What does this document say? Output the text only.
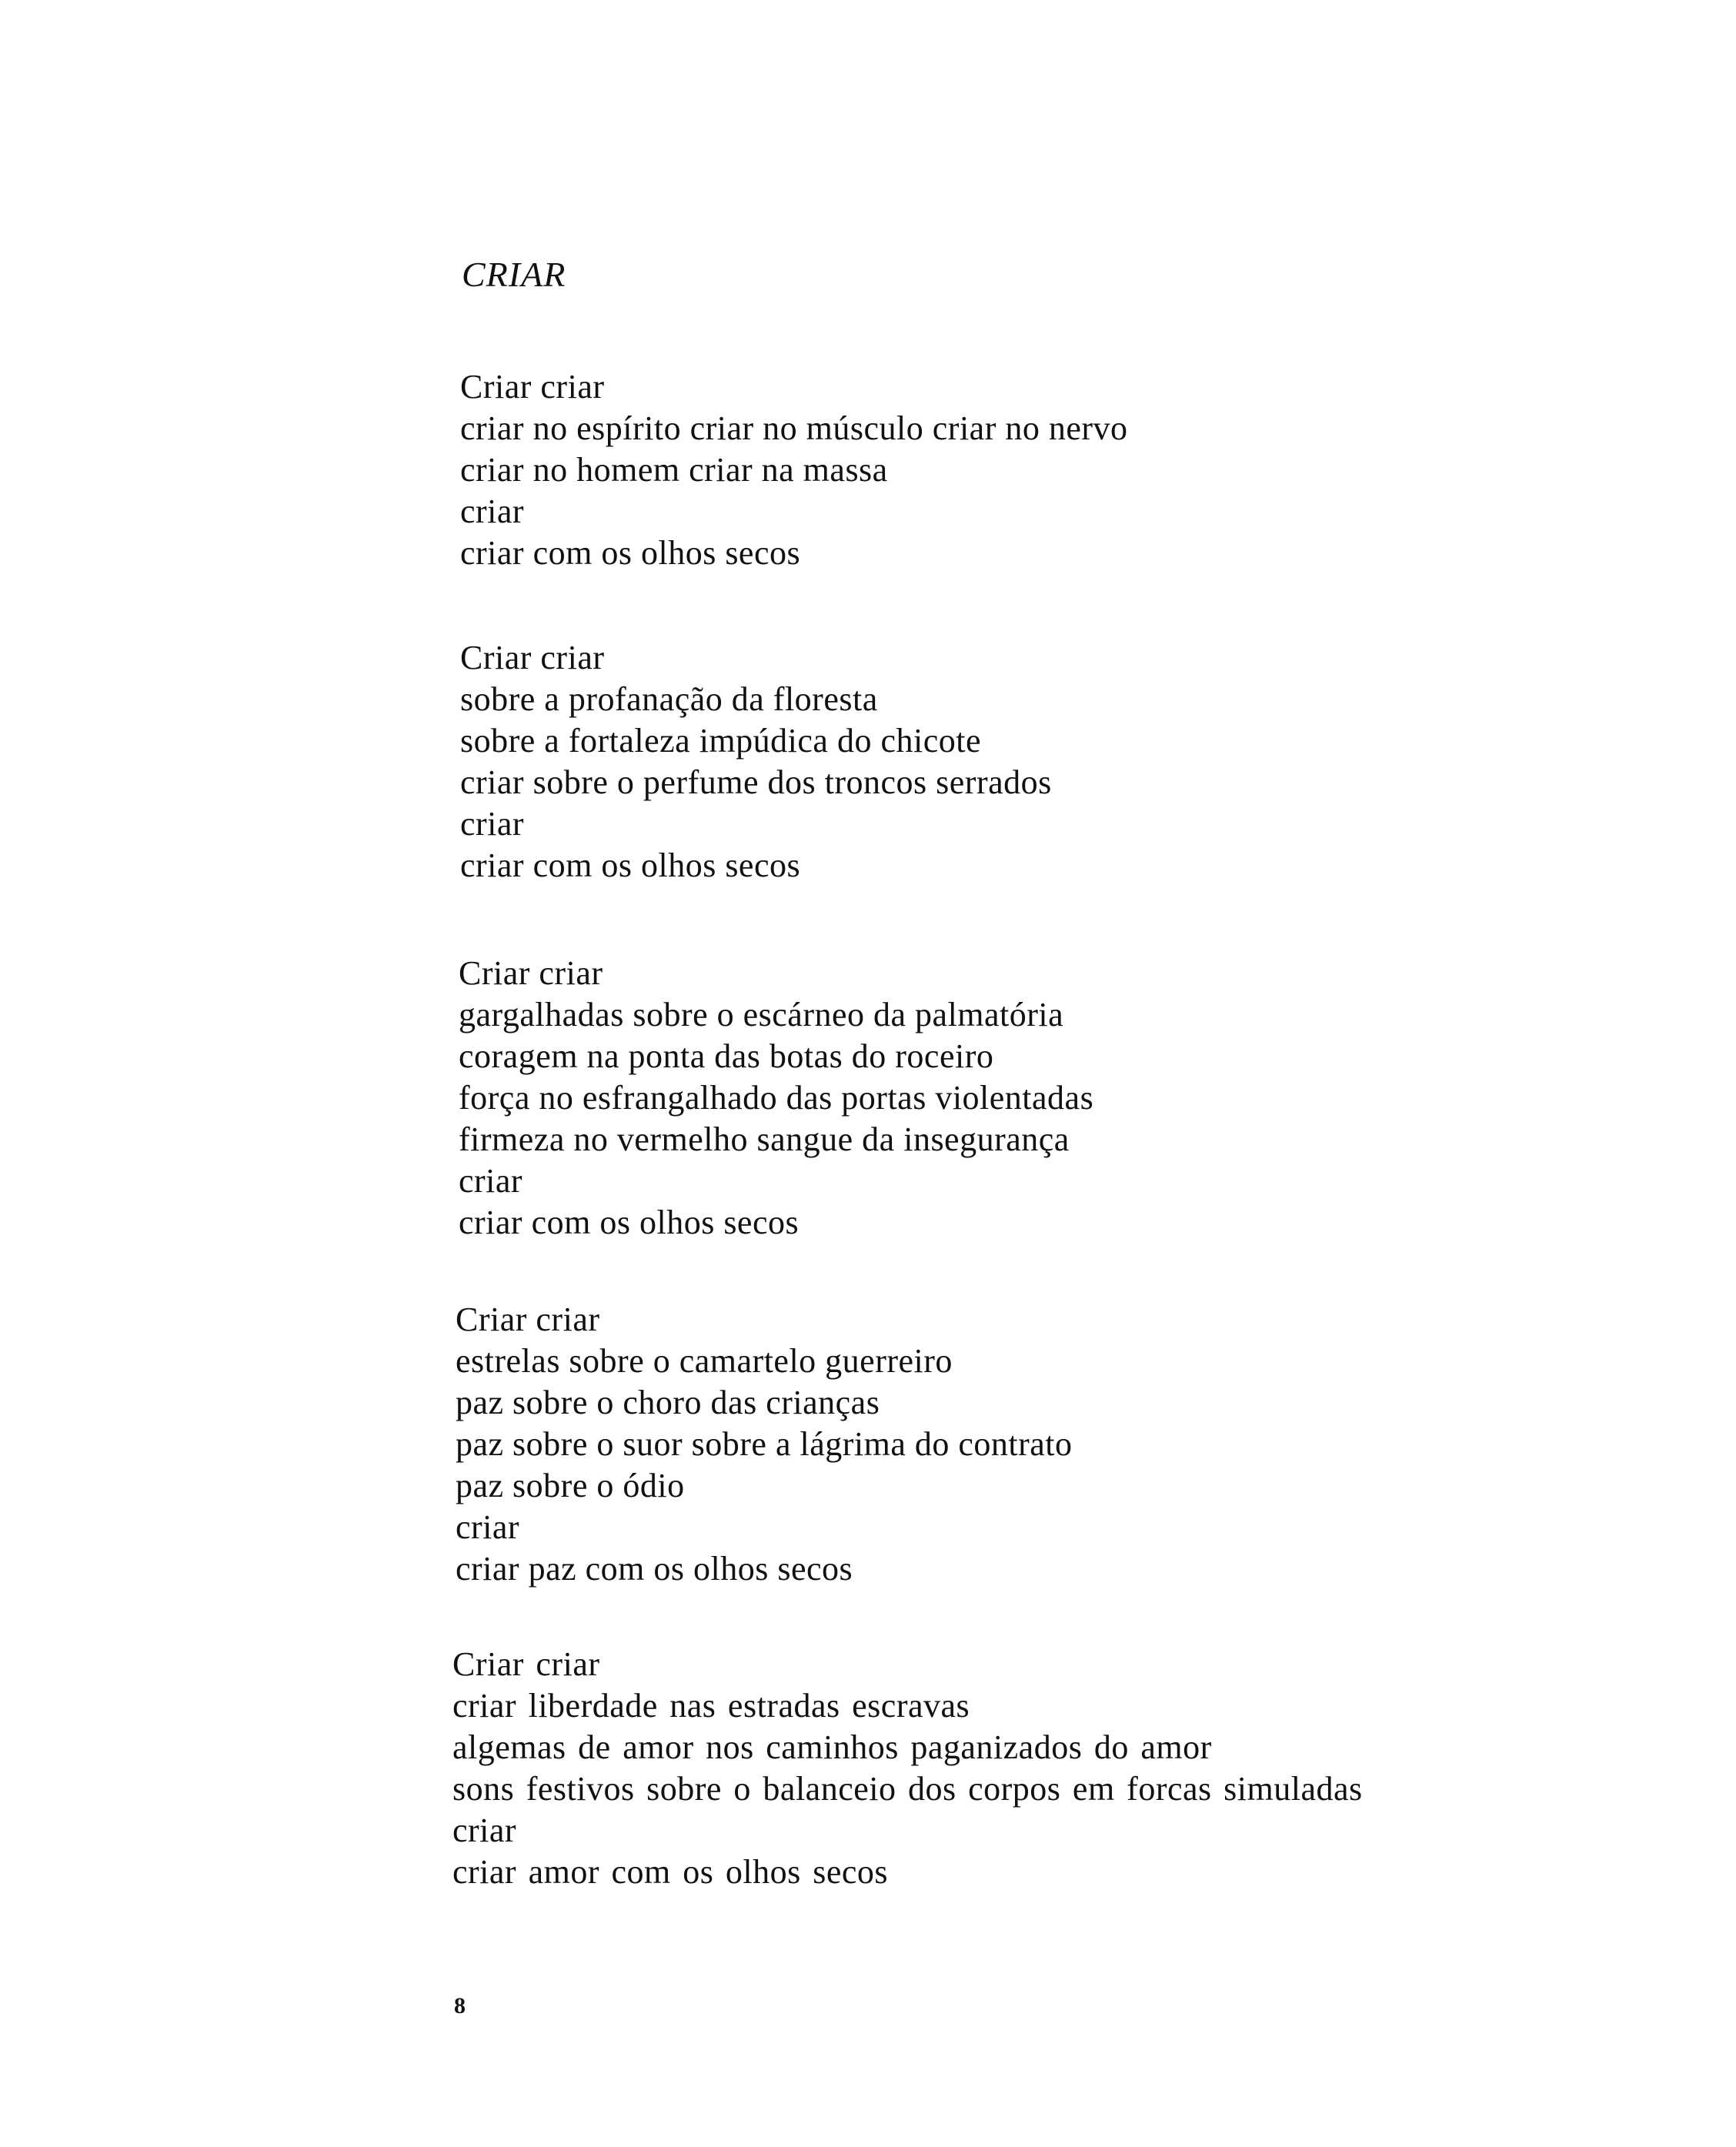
CRIAR
Criar criar
criar no espírito criar no músculo criar no nervo
criar no homem criar na massa
criar
criar com os olhos secos
Criar criar
sobre a profanação da floresta
sobre a fortaleza impúdica do chicote
criar sobre o perfume dos troncos serrados
criar
criar com os olhos secos
Criar criar
gargalhadas sobre o escárneo da palmatória
coragem na ponta das botas do roceiro
força no esfrangalhado das portas violentadas
firmeza no vermelho sangue da insegurança
criar
criar com os olhos secos
Criar criar
estrelas sobre o camartelo guerreiro
paz sobre o choro das crianças
paz sobre o suor sobre a lágrima do contrato
paz sobre o ódio
criar
criar paz com os olhos secos
Criar criar
criar liberdade nas estradas escravas
algemas de amor nos caminhos paganizados do amor
sons festivos sobre o balanceio dos corpos em forcas simuladas
criar
criar amor com os olhos secos
8
